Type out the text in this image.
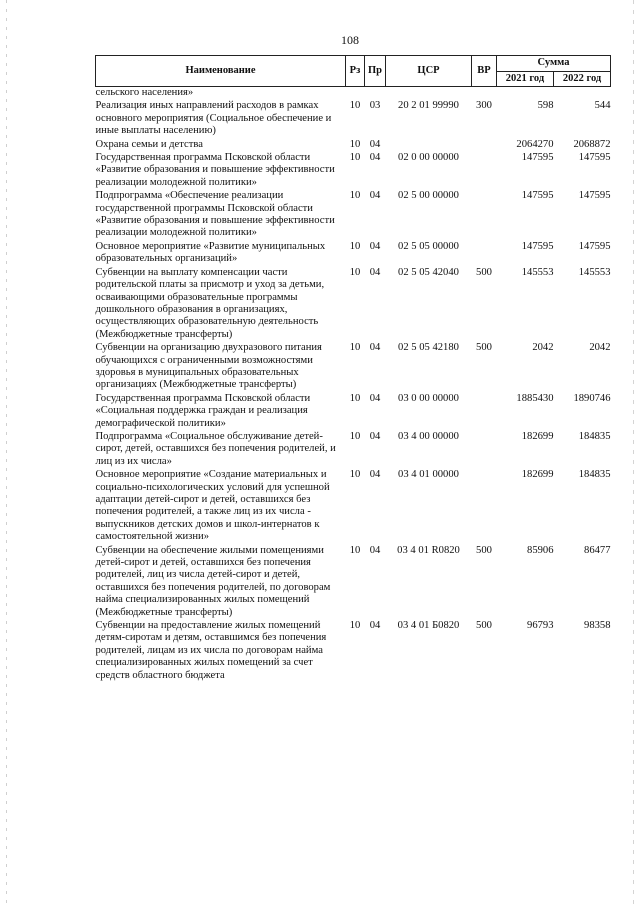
108
Наименование	Рз	Пр	ЦСР	ВР	Сумма	
					2021 год	2022 год
сельского населения»						
Реализация иных направлений расходов в рамках основного мероприятия (Социальное обеспечение и иные выплаты населению)	10	03	20 2 01 99990	300	598	544
Охрана семьи и детства	10	04			2064270	2068872
Государственная программа Псковской области «Развитие образования и повышение эффективности реализации молодежной политики»	10	04	02 0 00 00000		147595	147595
Подпрограмма «Обеспечение реализации государственной программы Псковской области «Развитие образования и повышение эффективности реализации молодежной политики»	10	04	02 5 00 00000		147595	147595
Основное мероприятие «Развитие муниципальных образовательных организаций»	10	04	02 5 05 00000		147595	147595
Субвенции на выплату компенсации части родительской платы за присмотр и уход за детьми, осваивающими образовательные программы дошкольного образования в организациях, осуществляющих образовательную деятельность (Межбюджетные трансферты)	10	04	02 5 05 42040	500	145553	145553
Субвенции на организацию двухразового питания обучающихся с ограниченными возможностями здоровья в муниципальных образовательных организациях (Межбюджетные трансферты)	10	04	02 5 05 42180	500	2042	2042
Государственная программа Псковской области «Социальная поддержка граждан и реализация демографической политики»	10	04	03 0 00 00000		1885430	1890746
Подпрограмма «Социальное обслуживание детей-сирот, детей, оставшихся без попечения родителей, и лиц из их числа»	10	04	03 4 00 00000		182699	184835
Основное мероприятие «Создание материальных и социально-психологических условий для успешной адаптации детей-сирот и детей, оставшихся без попечения родителей, а также лиц из их числа - выпускников детских домов и школ-интернатов к самостоятельной жизни»	10	04	03 4 01 00000		182699	184835
Субвенции на обеспечение жилыми помещениями детей-сирот и детей, оставшихся без попечения родителей, лиц из числа детей-сирот и детей, оставшихся без попечения родителей, по договорам найма специализированных жилых помещений (Межбюджетные трансферты)	10	04	03 4 01 R0820	500	85906	86477
Субвенции на предоставление жилых помещений детям-сиротам и детям, оставшимся без попечения родителей, лицам из их числа по договорам найма специализированных жилых помещений за счет средств областного бюджета	10	04	03 4 01 Б0820	500	96793	98358
